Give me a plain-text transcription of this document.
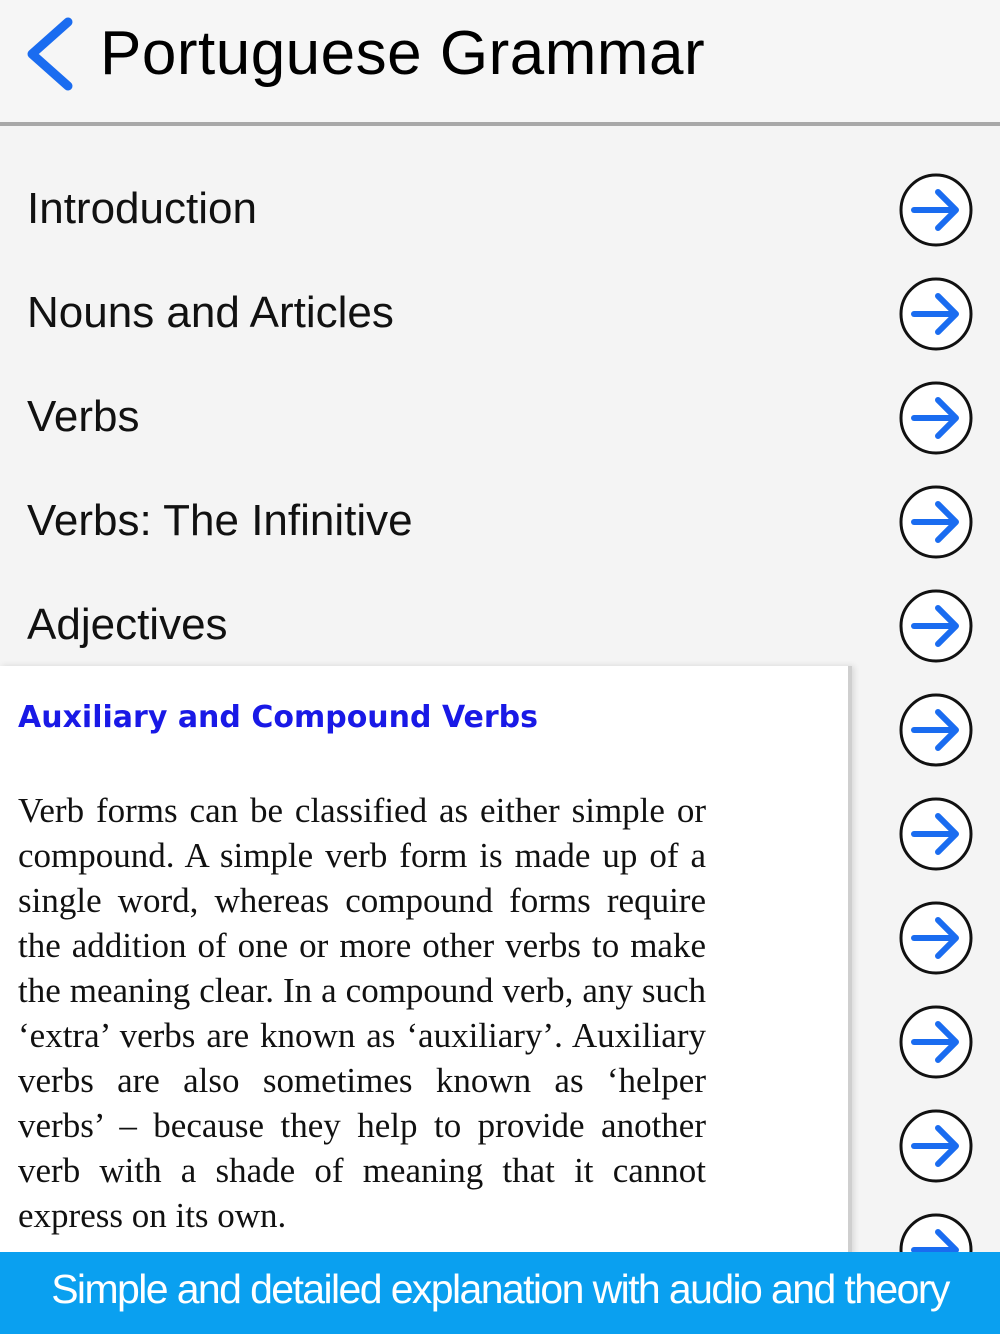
Portuguese Grammar
Introduction
Nouns and Articles
Verbs
Verbs: The Infinitive
Adjectives
Auxiliary and Compound Verbs
Verb forms can be classified as either simple or compound. A simple verb form is made up of a single word, whereas compound forms require the addition of one or more other verbs to make the meaning clear. In a compound verb, any such ‘extra’ verbs are known as ‘auxiliary’. Auxiliary verbs are also sometimes known as ‘helper verbs’ – because they help to provide another verb with a shade of meaning that it cannot express on its own.
Simple and detailed explanation with audio and theory
